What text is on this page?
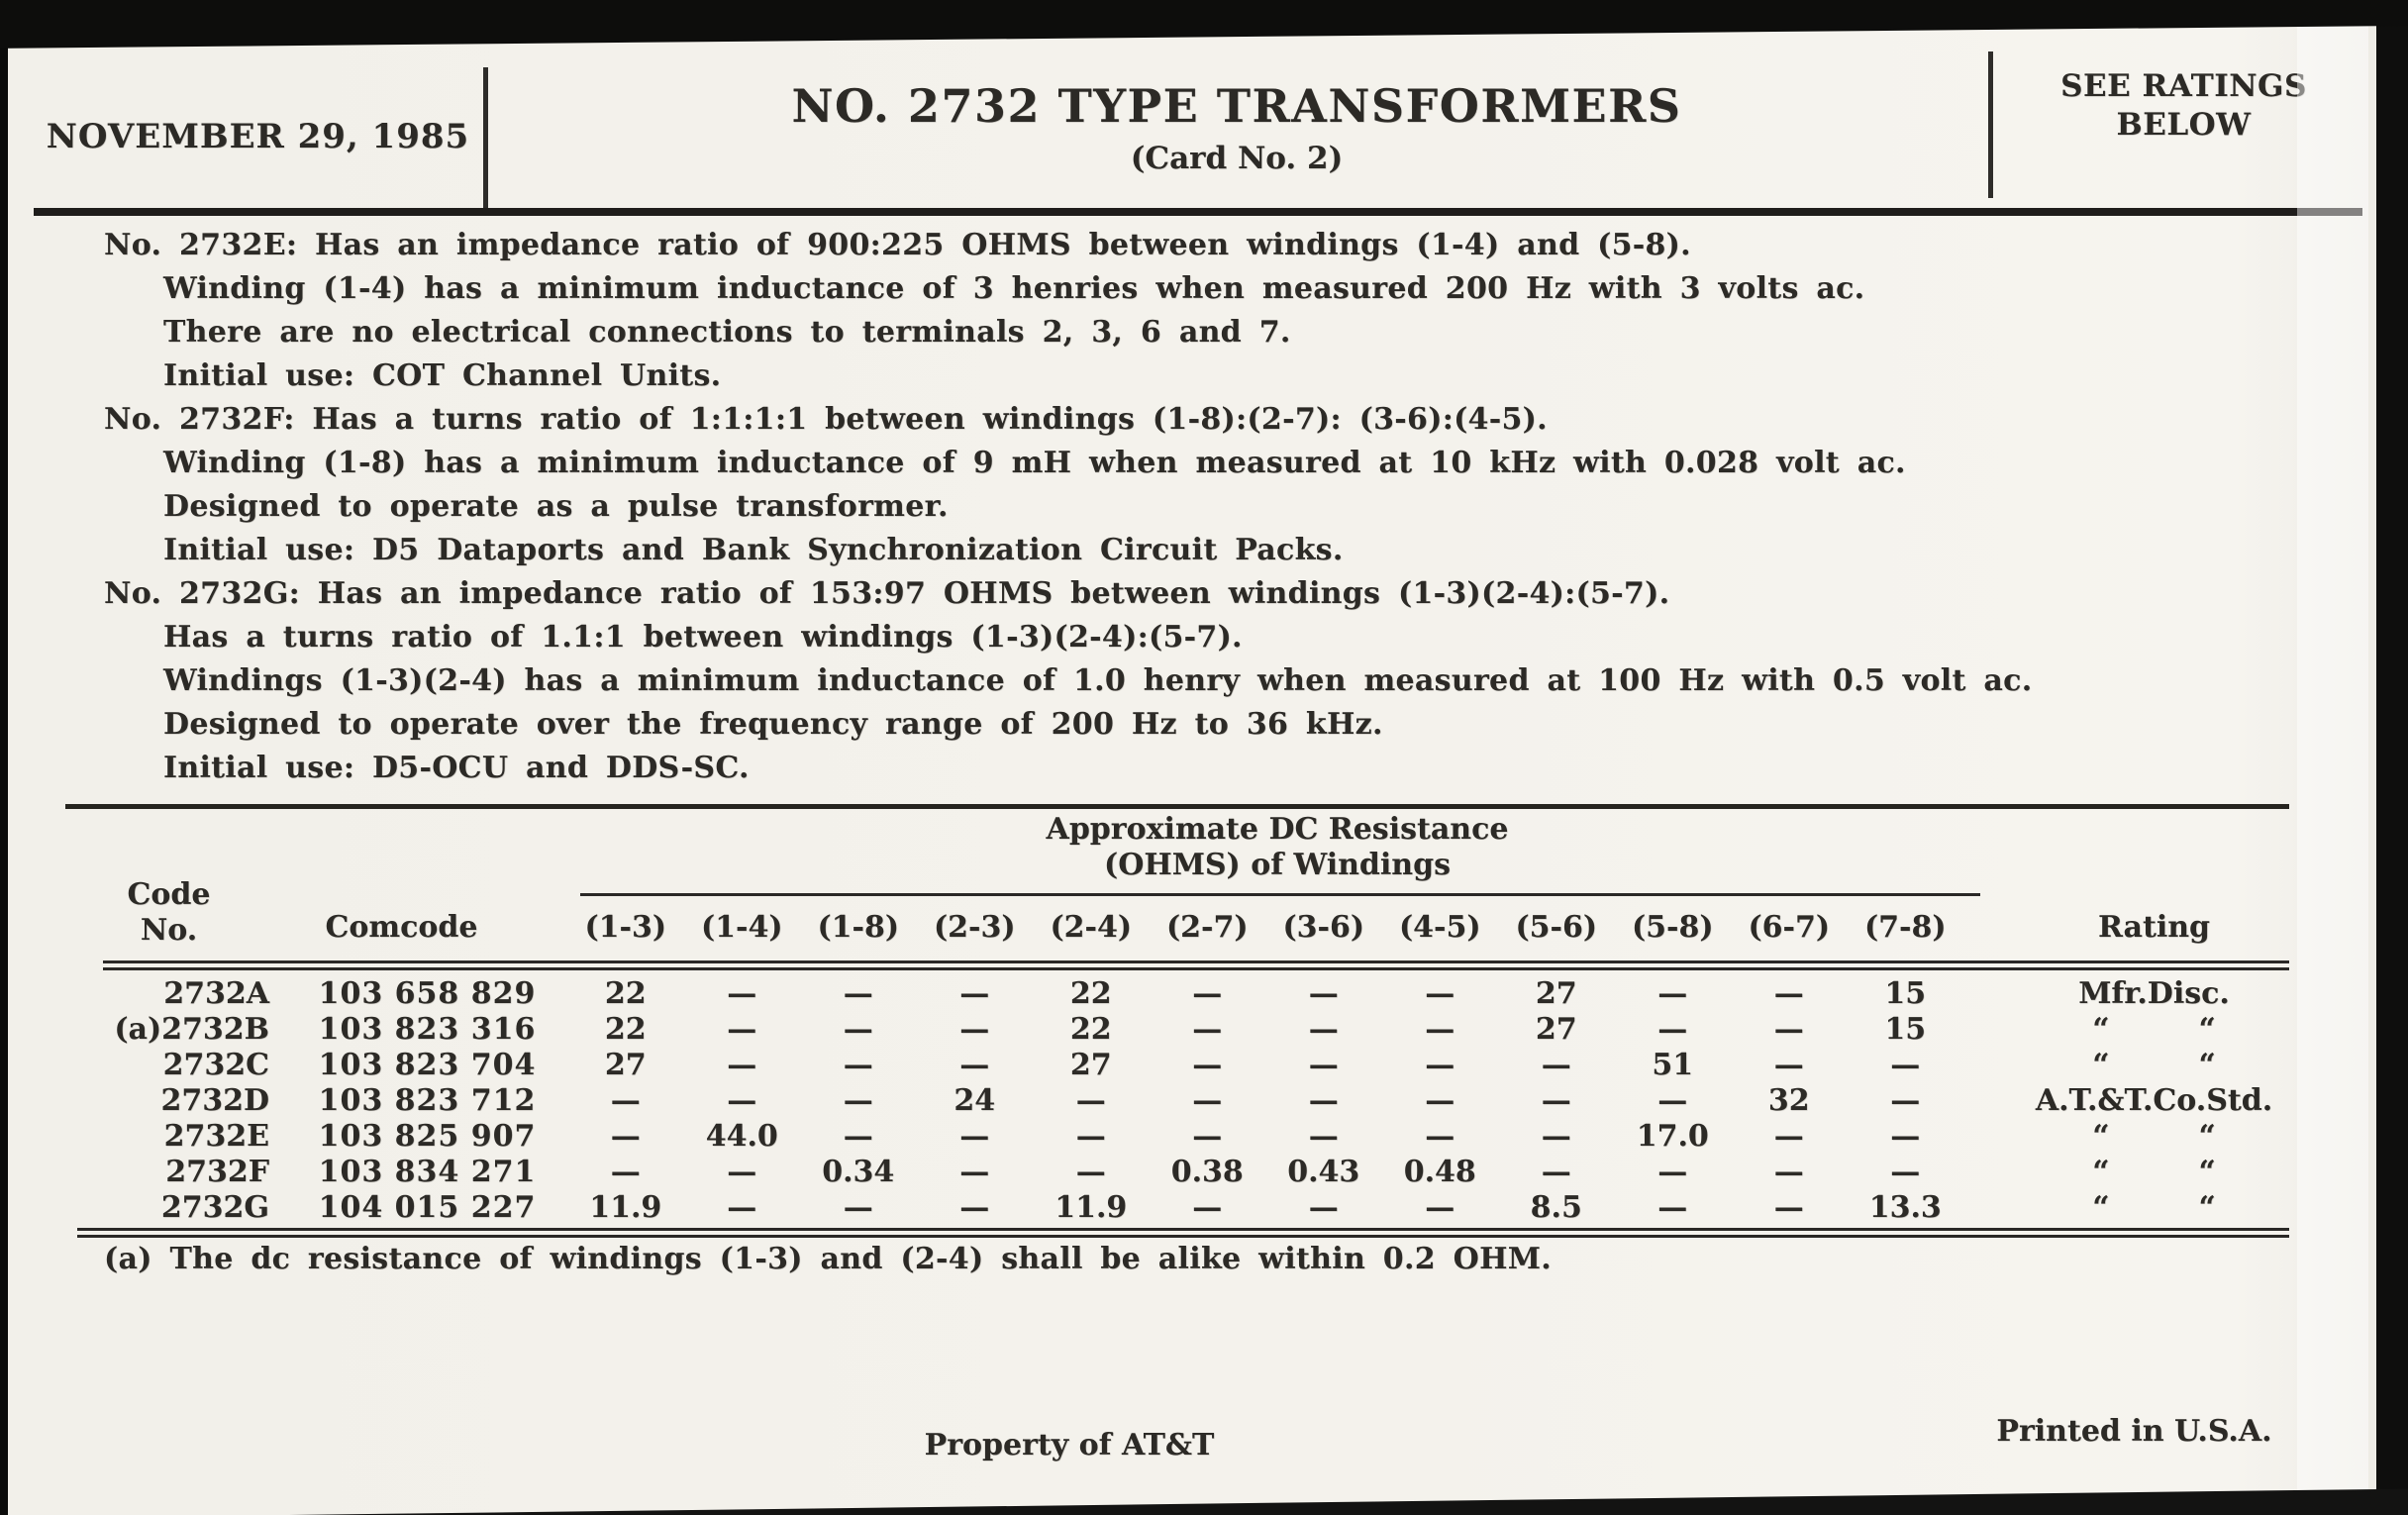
NOVEMBER 29, 1985
NO. 2732 TYPE TRANSFORMERS
(Card No. 2)
SEE RATINGS
BELOW
No. 2732E: Has an impedance ratio of 900:225 OHMS between windings (1-4) and (5-8).
Winding (1-4) has a minimum inductance of 3 henries when measured 200 Hz with 3 volts ac.
There are no electrical connections to terminals 2, 3, 6 and 7.
Initial use: COT Channel Units.
No. 2732F: Has a turns ratio of 1:1:1:1 between windings (1-8):(2-7): (3-6):(4-5).
Winding (1-8) has a minimum inductance of 9 mH when measured at 10 kHz with 0.028 volt ac.
Designed to operate as a pulse transformer.
Initial use: D5 Dataports and Bank Synchronization Circuit Packs.
No. 2732G: Has an impedance ratio of 153:97 OHMS between windings (1-3)(2-4):(5-7).
Has a turns ratio of 1.1:1 between windings (1-3)(2-4):(5-7).
Windings (1-3)(2-4) has a minimum inductance of 1.0 henry when measured at 100 Hz with 0.5 volt ac.
Designed to operate over the frequency range of 200 Hz to 36 kHz.
Initial use: D5-OCU and DDS-SC.
Approximate DC Resistance
(OHMS) of Windings
Code
No.	Comcode	(1-3)	(1-4)	(1-8)	(2-3)	(2-4)	(2-7)	(3-6)	(4-5)	(5-6)	(5-8)	(6-7)	(7-8)	Rating
2732A	103 658 829	22	—	—	—	22	—	—	—	27	—	—	15	Mfr.Disc.
(a)2732B	103 823 316	22	—	—	—	22	—	—	—	27	—	—	15	“   “
2732C	103 823 704	27	—	—	—	27	—	—	—	—	51	—	—	“   “
2732D	103 823 712	—	—	—	24	—	—	—	—	—	—	32	—	A.T.&T.Co.Std.
2732E	103 825 907	—	44.0	—	—	—	—	—	—	—	17.0	—	—	“   “
2732F	103 834 271	—	—	0.34	—	—	0.38	0.43	0.48	—	—	—	—	“   “
2732G	104 015 227	11.9	—	—	—	11.9	—	—	—	8.5	—	—	13.3	“   “
(a) The dc resistance of windings (1-3) and (2-4) shall be alike within 0.2 OHM.
Property of AT&T	Printed in U.S.A.
